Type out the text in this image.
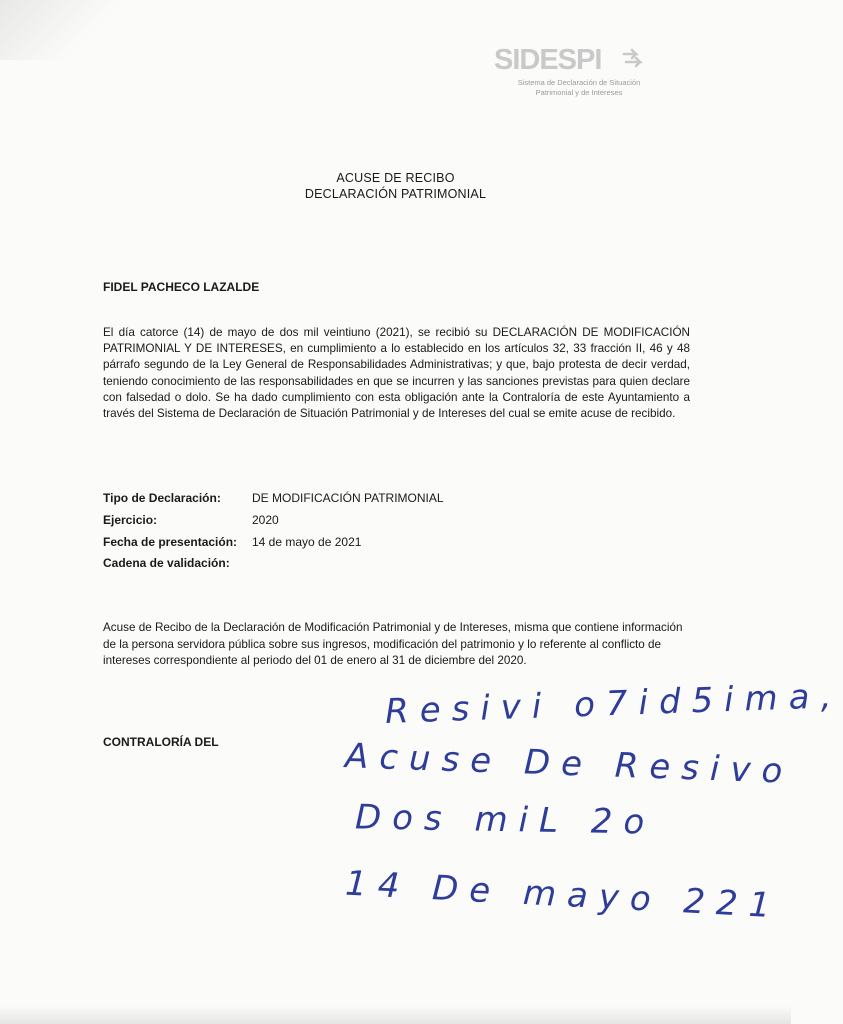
SIDESPI
Sistema de Declaración de Situación
Patrimonial y de Intereses
ACUSE DE RECIBO
DECLARACIÓN PATRIMONIAL
FIDEL PACHECO LAZALDE
El día catorce (14) de mayo de dos mil veintiuno (2021), se recibió su DECLARACIÓN DE MODIFICACIÓN PATRIMONIAL Y DE INTERESES, en cumplimiento a lo establecido en los artículos 32, 33 fracción II, 46 y 48 párrafo segundo de la Ley General de Responsabilidades Administrativas; y que, bajo protesta de decir verdad, teniendo conocimiento de las responsabilidades en que se incurren y las sanciones previstas para quien declare con falsedad o dolo. Se ha dado cumplimiento con esta obligación ante la Contraloría de este Ayuntamiento a través del Sistema de Declaración de Situación Patrimonial y de Intereses del cual se emite acuse de recibido.
Tipo de Declaración:	DE MODIFICACIÓN PATRIMONIAL
Ejercicio:	2020
Fecha de presentación: 14 de mayo de 2021
Cadena de validación:
Acuse de Recibo de la Declaración de Modificación Patrimonial y de Intereses, misma que contiene información de la persona servidora pública sobre sus ingresos, modificación del patrimonio y lo referente al conflicto de intereses correspondiente al periodo del 01 de enero al 31 de diciembre del 2020.
CONTRALORÍA DEL
Resivi o7id5ima,
Acuse De Resivo
Dos miL 2o
14 De mayo 221
